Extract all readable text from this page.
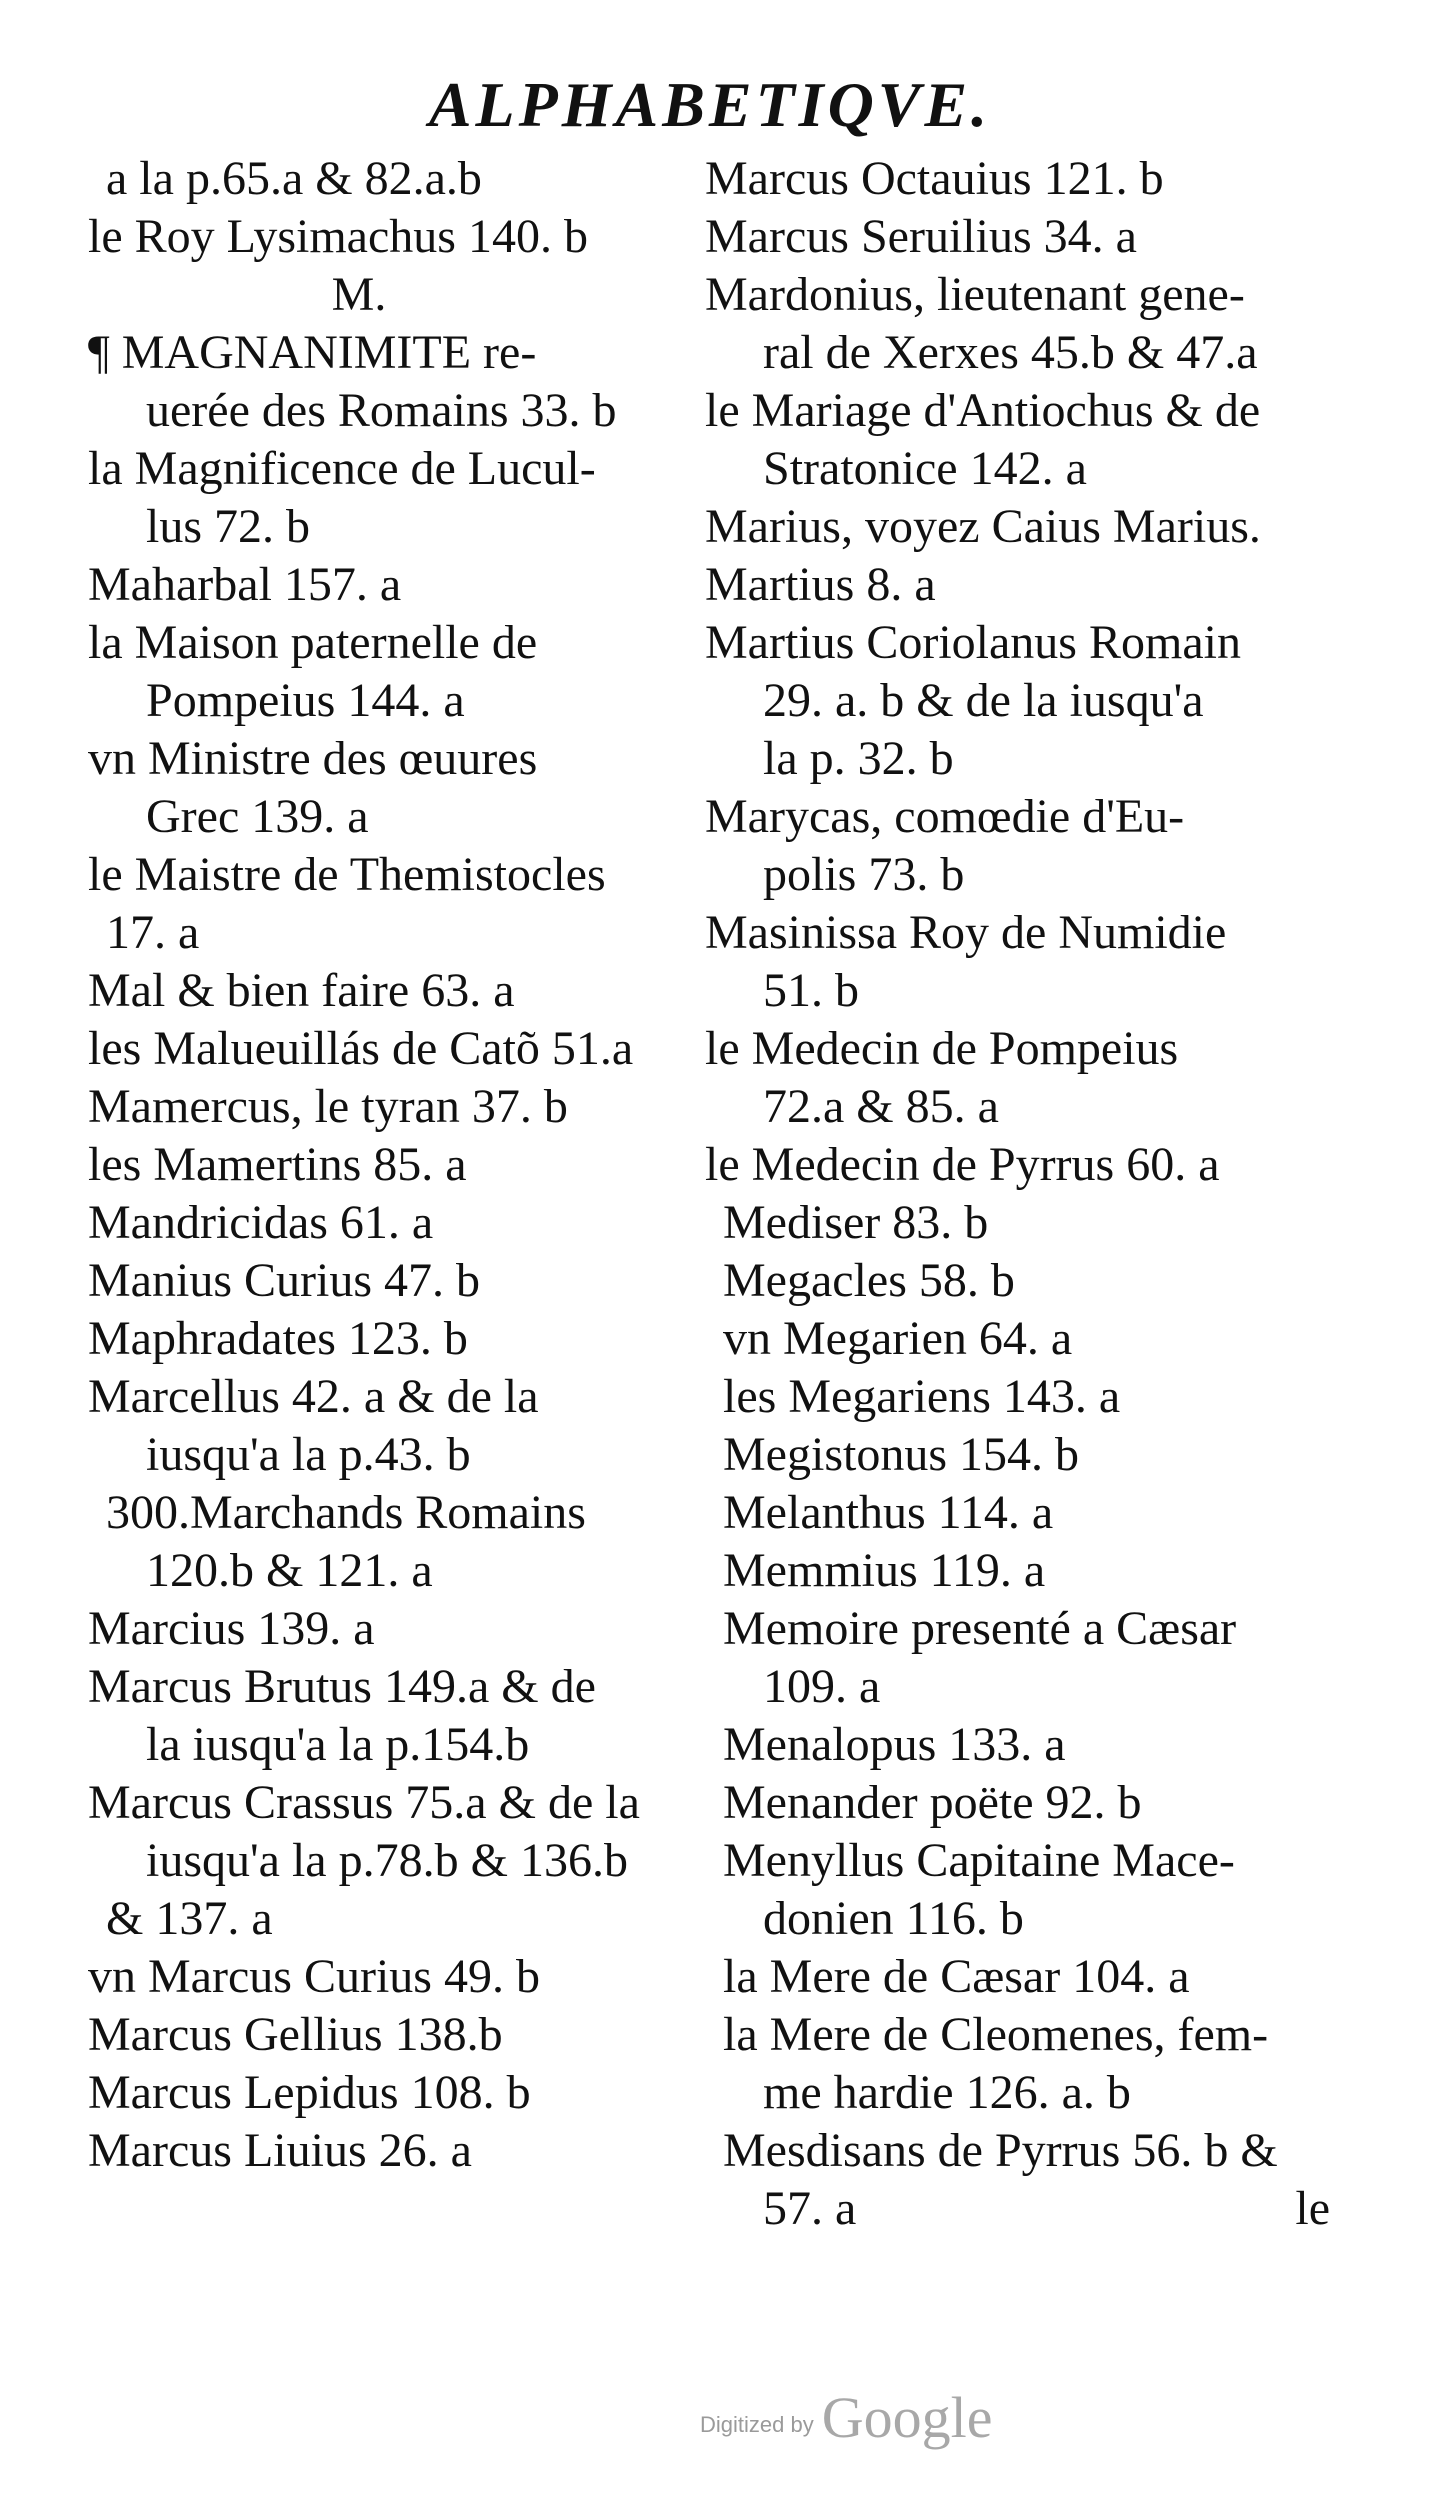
ALPHABETIQVE.
a la p.65.a & 82.a.b
le Roy Lysimachus 140. b
M.
¶ MAGNANIMITE re-
uerée des Romains 33. b
la Magnificence de Lucul-
lus 72. b
Maharbal 157. a
la Maison paternelle de
Pompeius 144. a
vn Ministre des œuures
Grec 139. a
le Maistre de Themistocles
17. a
Mal & bien faire 63. a
les Malueuillás de Catõ 51.a
Mamercus, le tyran 37. b
les Mamertins 85. a
Mandricidas 61. a
Manius Curius 47. b
Maphradates 123. b
Marcellus 42. a & de la
iusqu'a la p.43. b
300.Marchands Romains
120.b & 121. a
Marcius 139. a
Marcus Brutus 149.a & de
la iusqu'a la p.154.b
Marcus Crassus 75.a & de la
iusqu'a la p.78.b & 136.b
& 137. a
vn Marcus Curius 49. b
Marcus Gellius 138.b
Marcus Lepidus 108. b
Marcus Liuius 26. a
Marcus Octauius 121. b
Marcus Seruilius 34. a
Mardonius, lieutenant gene-
ral de Xerxes 45.b & 47.a
le Mariage d'Antiochus & de
Stratonice 142. a
Marius, voyez Caius Marius.
Martius 8. a
Martius Coriolanus Romain
29. a. b & de la iusqu'a
la p. 32. b
Marycas, comœdie d'Eu-
polis 73. b
Masinissa Roy de Numidie
51. b
le Medecin de Pompeius
72.a & 85. a
le Medecin de Pyrrus 60. a
Mediser 83. b
Megacles 58. b
vn Megarien 64. a
les Megariens 143. a
Megistonus 154. b
Melanthus 114. a
Memmius 119. a
Memoire presenté a Cæsar
109. a
Menalopus 133. a
Menander poëte 92. b
Menyllus Capitaine Mace-
donien 116. b
la Mere de Cæsar 104. a
la Mere de Cleomenes, fem-
me hardie 126. a. b
Mesdisans de Pyrrus 56. b &
57. a	le
Digitized by Google
